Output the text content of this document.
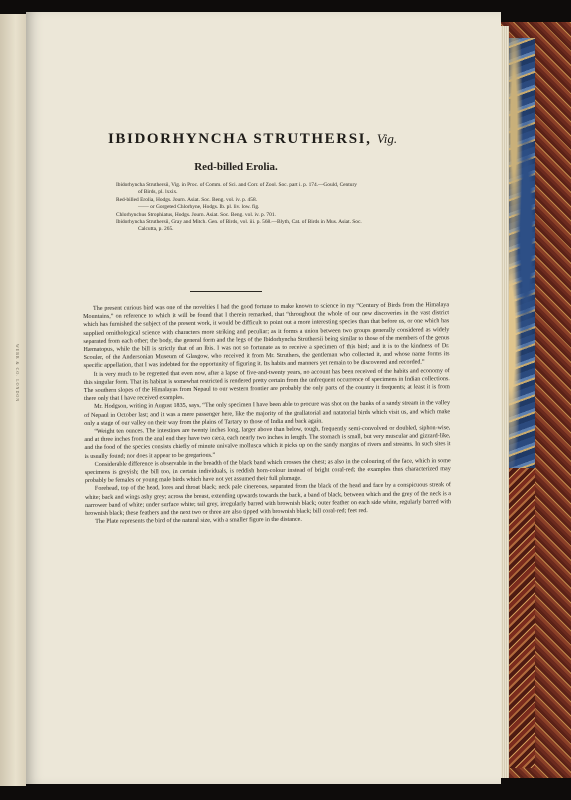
WEBB & CO. LONDON
IBIDORHYNCHA STRUTHERSI, Vig.
Red-billed Erolia.
Ibidorhyncha Struthersii, Vig. in Proc. of Comm. of Sci. and Corr. of Zool. Soc. part i. p. 174.—Gould, Century
of Birds, pl. lxxix.
Red-billed Erolia, Hodgs. Journ. Asiat. Soc. Beng. vol. iv. p. 458.
—— or Gorgeted Chlorhyne, Hodgs. Ib. pl. liv. low. fig.
Chlorhynchus Strophiatus, Hodgs. Journ. Asiat. Soc. Beng. vol. iv. p. 701.
Ibidorhyncha Struthersii, Gray and Mitch. Gen. of Birds, vol. iii. p. 568.—Blyth, Cat. of Birds in Mus. Asiat. Soc.
Calcutta, p. 265.

The present curious bird was one of the novelties I had the good fortune to make known to science in my “Century of Birds from the Himalaya Mountains,” on reference to which it will be found that I therein remarked, that “throughout the whole of our new discoveries in the vast district which has furnished the subject of the present work, it would be difficult to point out a more interesting species than that before us, or one which has supplied ornithological science with characters more striking and peculiar; as it forms a union between two groups generally considered as widely separated from each other; the body, the general form and the legs of the Ibidorhyncha Struthersii being similar to those of the members of the genus Hæmatopus, while the bill is strictly that of an Ibis. I was not so fortunate as to receive a specimen of this bird; and it is to the kindness of Dr. Scouler, of the Andersonian Museum of Glasgow, who received it from Mr. Struthers, the gentleman who collected it, and whose name forms its specific appellation, that I was indebted for the opportunity of figuring it. Its habits and manners yet remain to be discovered and recorded.”

It is very much to be regretted that even now, after a lapse of five-and-twenty years, no account has been received of the habits and economy of this singular form. That its habitat is somewhat restricted is rendered pretty certain from the unfrequent occurrence of specimens in Indian collections. The southern slopes of the Himalayas from Nepaul to our western frontier are probably the only parts of the country it frequents; at least it is from there only that I have received examples.

Mr. Hodgson, writing in August 1835, says, “The only specimen I have been able to procure was shot on the banks of a sandy stream in the valley of Nepaul in October last; and it was a mere passenger here, like the majority of the grallatorial and natatorial birds which visit us, and which make only a stage of our valley on their way from the plains of Tartary to those of India and back again.

“Weight ten ounces. The intestines are twenty inches long, larger above than below, tough, frequently semi-convolved or doubled, siphon-wise, and at three inches from the anal end they have two cæca, each nearly two inches in length. The stomach is small, but very muscular and gizzard-like, and the food of the species consists chiefly of minute univalve mollusca which it picks up on the sandy margins of rivers and streams. In such sites it is usually found; nor does it appear to be gregarious.”

Considerable difference is observable in the breadth of the black band which crosses the chest; as also in the colouring of the face, which in some specimens is greyish; the bill too, in certain individuals, is reddish horn-colour instead of bright coral-red; the examples thus characterized may probably be females or young male birds which have not yet assumed their full plumage.

Forehead, top of the head, lores and throat black; neck pale cinereous, separated from the black of the head and face by a conspicuous streak of white; back and wings ashy grey; across the breast, extending upwards towards the back, a band of black, between which and the grey of the neck is a narrower band of white; under surface white; tail grey, irregularly barred with brownish black; outer feather on each side white, regularly barred with brownish black; these feathers and the next two or three are also tipped with brownish black; bill coral-red; feet red.

The Plate represents the bird of the natural size, with a smaller figure in the distance.
